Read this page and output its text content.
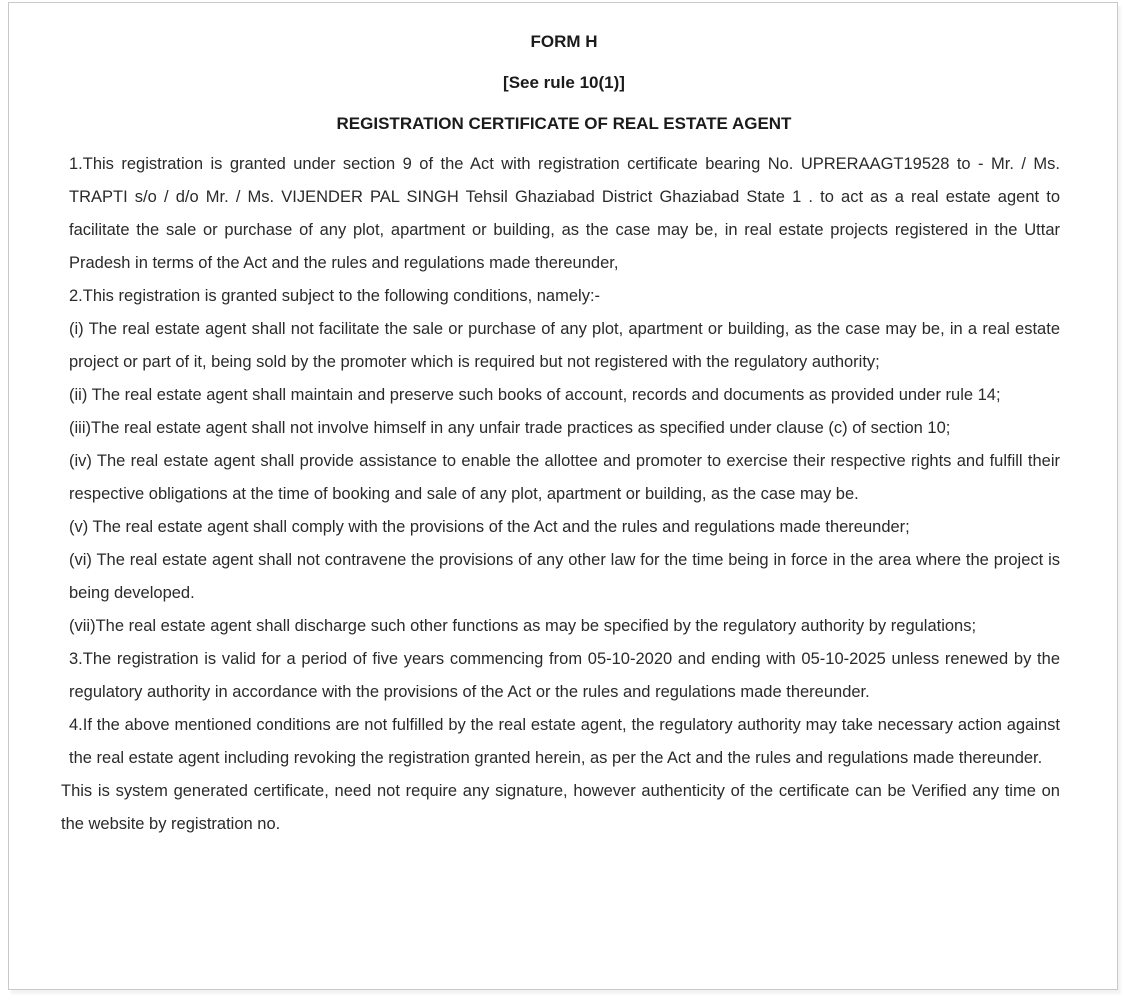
FORM H
[See rule 10(1)]
REGISTRATION CERTIFICATE OF REAL ESTATE AGENT

1.This registration is granted under section 9 of the Act with registration certificate bearing No. UPRERAAGT19528 to - Mr. / Ms. TRAPTI s/o / d/o Mr. / Ms. VIJENDER PAL SINGH Tehsil Ghaziabad District Ghaziabad State 1 . to act as a real estate agent to facilitate the sale or purchase of any plot, apartment or building, as the case may be, in real estate projects registered in the Uttar Pradesh in terms of the Act and the rules and regulations made thereunder,

2.This registration is granted subject to the following conditions, namely:-

(i) The real estate agent shall not facilitate the sale or purchase of any plot, apartment or building, as the case may be, in a real estate project or part of it, being sold by the promoter which is required but not registered with the regulatory authority;

(ii) The real estate agent shall maintain and preserve such books of account, records and documents as provided under rule 14;

(iii)The real estate agent shall not involve himself in any unfair trade practices as specified under clause (c) of section 10;

(iv) The real estate agent shall provide assistance to enable the allottee and promoter to exercise their respective rights and fulfill their respective obligations at the time of booking and sale of any plot, apartment or building, as the case may be.

(v) The real estate agent shall comply with the provisions of the Act and the rules and regulations made thereunder;

(vi) The real estate agent shall not contravene the provisions of any other law for the time being in force in the area where the project is being developed.

(vii)The real estate agent shall discharge such other functions as may be specified by the regulatory authority by regulations;

3.The registration is valid for a period of five years commencing from 05-10-2020 and ending with 05-10-2025 unless renewed by the regulatory authority in accordance with the provisions of the Act or the rules and regulations made thereunder.

4.If the above mentioned conditions are not fulfilled by the real estate agent, the regulatory authority may take necessary action against the real estate agent including revoking the registration granted herein, as per the Act and the rules and regulations made thereunder.

This is system generated certificate, need not require any signature, however authenticity of the certificate can be Verified any time on the website by registration no.
